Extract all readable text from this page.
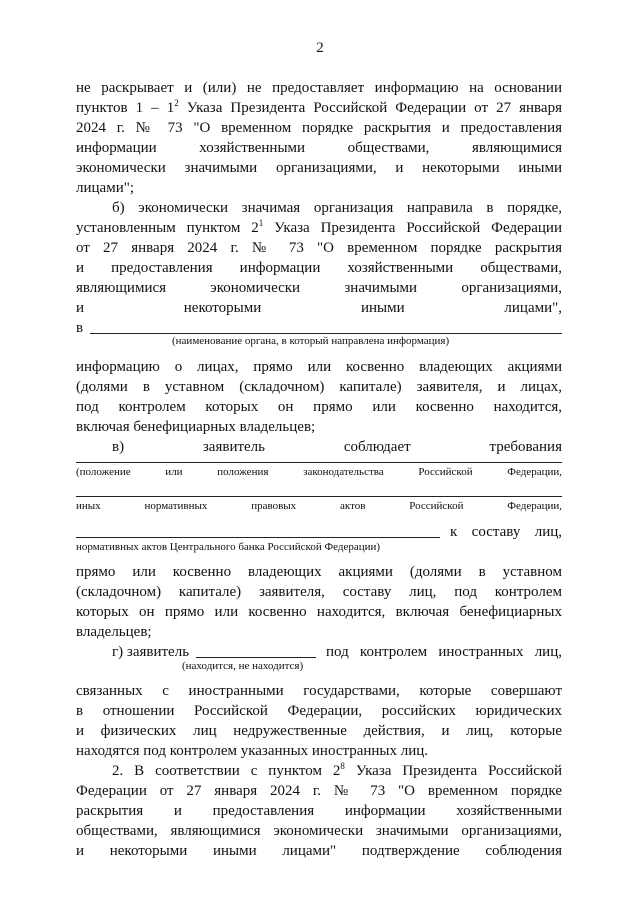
2
не раскрывает и (или) не предоставляет информацию на основании
пунктов $1 - 1^2$ Указа Президента Российской Федерации от 27 января
2024 г. № 73 "О временном порядке раскрытия и предоставления
информации хозяйственными обществами, являющимися
экономически значимыми организациями, и некоторыми иными
лицами";
б) экономически значимая организация направила в порядке,
установленным пунктом $2^1$ Указа Президента Российской Федерации
от 27 января 2024 г. № 73 "О временном порядке раскрытия
и предоставления информации хозяйственными обществами,
являющимися экономически значимыми организациями,
и некоторыми иными лицами",
в
(наименование органа, в который направлена информация)
информацию о лицах, прямо или косвенно владеющих акциями
(долями в уставном (складочном) капитале) заявителя, и лицах,
под контролем которых он прямо или косвенно находится,
включая бенефициарных владельцев;
в) заявитель соблюдает требования
(положение или положения законодательства Российской Федерации,
иных нормативных правовых актов Российской Федерации,
к составу лиц,
нормативных актов Центрального банка Российской Федерации)
прямо или косвенно владеющих акциями (долями в уставном
(складочном) капитале) заявителя, составу лиц, под контролем
которых он прямо или косвенно находится, включая бенефициарных
владельцев;
г) заявитель	под контролем иностранных лиц,
(находится, не находится)
связанных с иностранными государствами, которые совершают
в отношении Российской Федерации, российских юридических
и физических лиц недружественные действия, и лиц, которые
находятся под контролем указанных иностранных лиц.
2. В соответствии с пунктом $2^8$ Указа Президента Российской
Федерации от 27 января 2024 г. № 73 "О временном порядке
раскрытия и предоставления информации хозяйственными
обществами, являющимися экономически значимыми организациями,
и некоторыми иными лицами" подтверждение соблюдения
